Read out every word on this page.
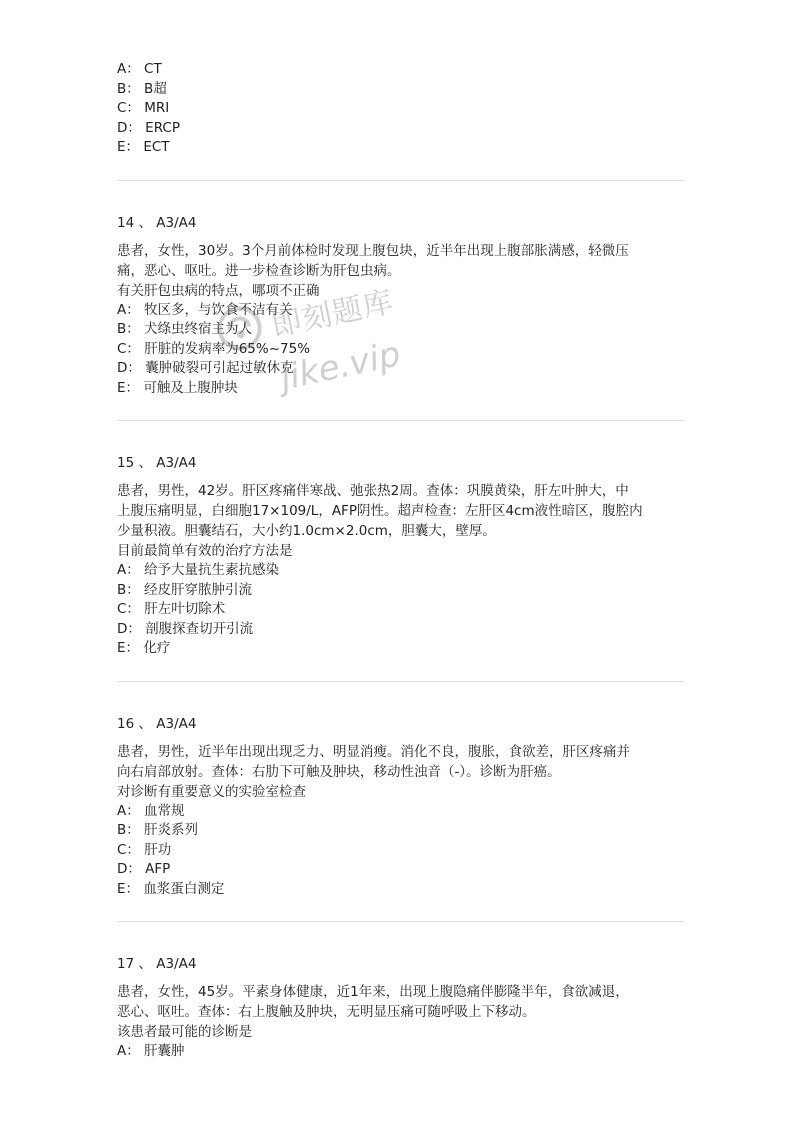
A： CT
B： B超
C： MRI
D： ERCP
E： ECT
14 、 A3/A4
患者，女性，30岁。3个月前体检时发现上腹包块，近半年出现上腹部胀满感，轻微压
痛，恶心、呕吐。进一步检查诊断为肝包虫病。
有关肝包虫病的特点，哪项不正确
A： 牧区多，与饮食不洁有关
B： 犬绦虫终宿主为人
C： 肝脏的发病率为65%~75%
D： 囊肿破裂可引起过敏休克
E： 可触及上腹肿块
15 、 A3/A4
患者，男性，42岁。肝区疼痛伴寒战、弛张热2周。查体：巩膜黄染，肝左叶肿大，中
上腹压痛明显，白细胞17×109/L，AFP阴性。超声检查：左肝区4cm液性暗区，腹腔内
少量积液。胆囊结石，大小约1.0cm×2.0cm，胆囊大，壁厚。
目前最简单有效的治疗方法是
A： 给予大量抗生素抗感染
B： 经皮肝穿脓肿引流
C： 肝左叶切除术
D： 剖腹探查切开引流
E： 化疗
16 、 A3/A4
患者，男性，近半年出现出现乏力、明显消瘦。消化不良，腹胀，食欲差，肝区疼痛并
向右肩部放射。查体：右肋下可触及肿块，移动性浊音（-）。诊断为肝癌。
对诊断有重要意义的实验室检查
A： 血常规
B： 肝炎系列
C： 肝功
D： AFP
E： 血浆蛋白测定
17 、 A3/A4
患者，女性，45岁。平素身体健康，近1年来，出现上腹隐痛伴膨隆半年，食欲减退，
恶心、呕吐。查体：右上腹触及肿块，无明显压痛可随呼吸上下移动。
该患者最可能的诊断是
A： 肝囊肿
即刻题库
jike.vip
